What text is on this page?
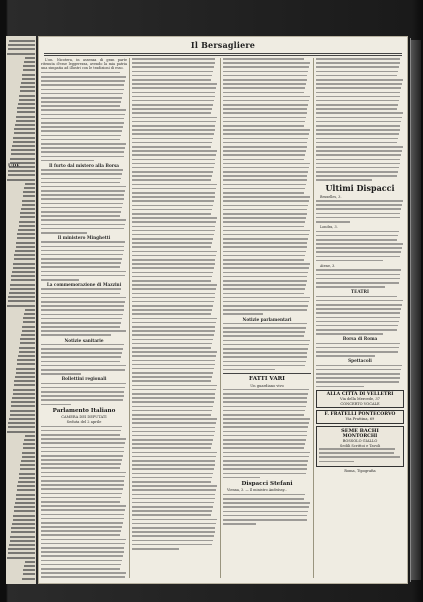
Il Bersagliere

L'on. Nicotera, in assenza di gran parte ritenuta d'esse leggerezza, avendo la mia patria una simpatia ad illustri con le tradizioni di esso.

Il furto dal mistero alla Borsa
Il ministero Minghetti
La commemorazione di Mazzini
Notizie sanitarie
Bollettini regionali
Parlamento Italiano
CAMERA DEI DEPUTATI
Seduta del 2 aprile
Notizie parlamentari
FATTI VARI
Un guardiano vivo
Dispacci Stefani

Vienna, 3. — Il ministro Andrássy...

Ultimi Dispacci

Bruxelles, 3.

Londra, 3.

Atene, 3.

TEATRI
Borsa di Roma
Spettacoli
ALLA CITTÀ DI VELLETRI
Via della Mercede, 37
CONCERTO VOCALE
F. FRATELLI PONTECORVO
Via Frattina, 69
SEME BACHI
MONTORCHI
BOSSOLO GIALLO
Sedili Scrittoi e Tavoli
Roma, Tipografia
